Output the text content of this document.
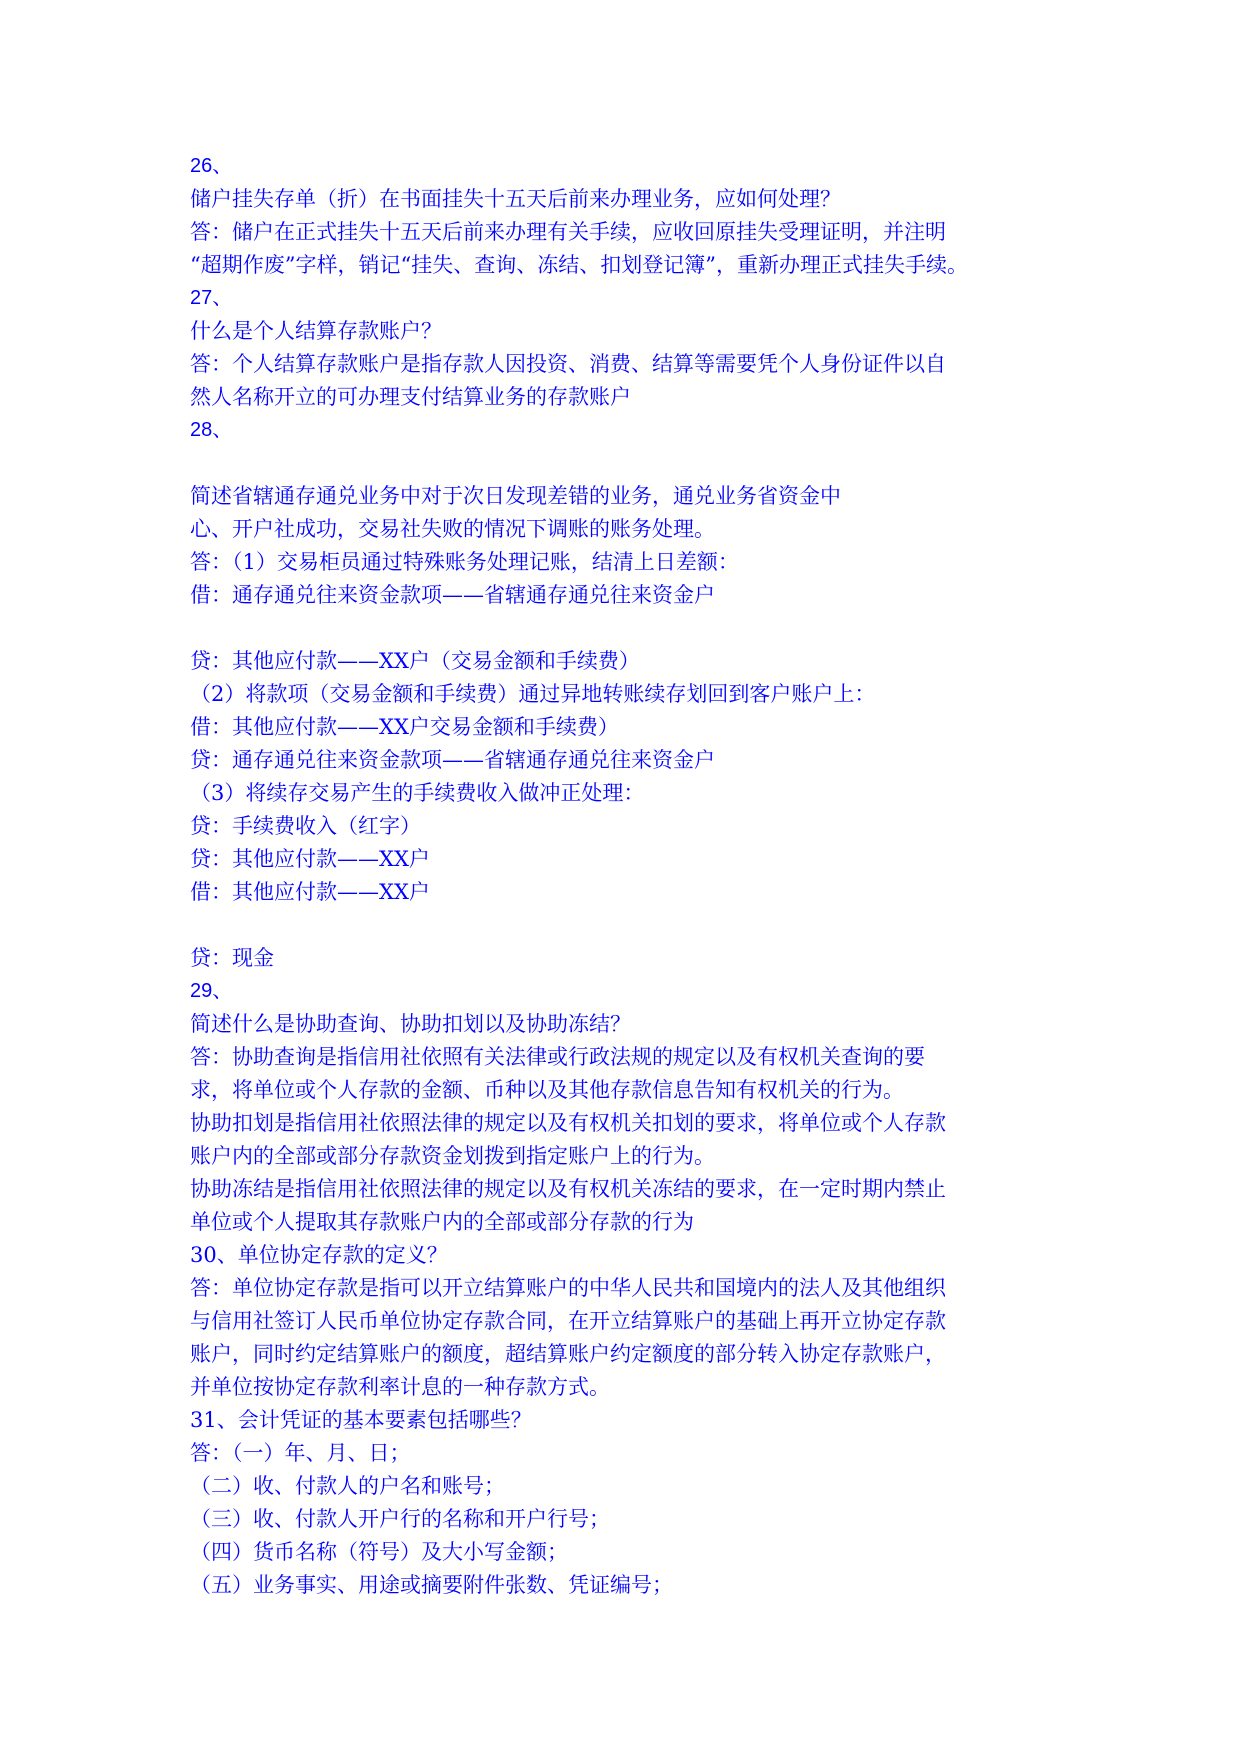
26、
储户挂失存单（折）在书面挂失十五天后前来办理业务，应如何处理？
答：储户在正式挂失十五天后前来办理有关手续，应收回原挂失受理证明，并注明
“超期作废”字样，销记“挂失、查询、冻结、扣划登记簿”，重新办理正式挂失手续。
27、
什么是个人结算存款账户？
答：个人结算存款账户是指存款人因投资、消费、结算等需要凭个人身份证件以自
然人名称开立的可办理支付结算业务的存款账户
28、
简述省辖通存通兑业务中对于次日发现差错的业务，通兑业务省资金中
心、开户社成功，交易社失败的情况下调账的账务处理。
答：（1）交易柜员通过特殊账务处理记账，结清上日差额：
借：通存通兑往来资金款项——省辖通存通兑往来资金户
贷：其他应付款——XX户（交易金额和手续费）
（2）将款项（交易金额和手续费）通过异地转账续存划回到客户账户上：
借：其他应付款——XX户交易金额和手续费）
贷：通存通兑往来资金款项——省辖通存通兑往来资金户
（3）将续存交易产生的手续费收入做冲正处理：
贷：手续费收入（红字）
贷：其他应付款——XX户
借：其他应付款——XX户
贷：现金
29、
简述什么是协助查询、协助扣划以及协助冻结？
答：协助查询是指信用社依照有关法律或行政法规的规定以及有权机关查询的要
求，将单位或个人存款的金额、币种以及其他存款信息告知有权机关的行为。
协助扣划是指信用社依照法律的规定以及有权机关扣划的要求，将单位或个人存款
账户内的全部或部分存款资金划拨到指定账户上的行为。
协助冻结是指信用社依照法律的规定以及有权机关冻结的要求，在一定时期内禁止
单位或个人提取其存款账户内的全部或部分存款的行为
30、单位协定存款的定义？
答：单位协定存款是指可以开立结算账户的中华人民共和国境内的法人及其他组织
与信用社签订人民币单位协定存款合同，在开立结算账户的基础上再开立协定存款
账户，同时约定结算账户的额度，超结算账户约定额度的部分转入协定存款账户，
并单位按协定存款利率计息的一种存款方式。
31、会计凭证的基本要素包括哪些？
答：（一）年、月、日；
（二）收、付款人的户名和账号；
（三）收、付款人开户行的名称和开户行号；
（四）货币名称（符号）及大小写金额；
（五）业务事实、用途或摘要附件张数、凭证编号；
